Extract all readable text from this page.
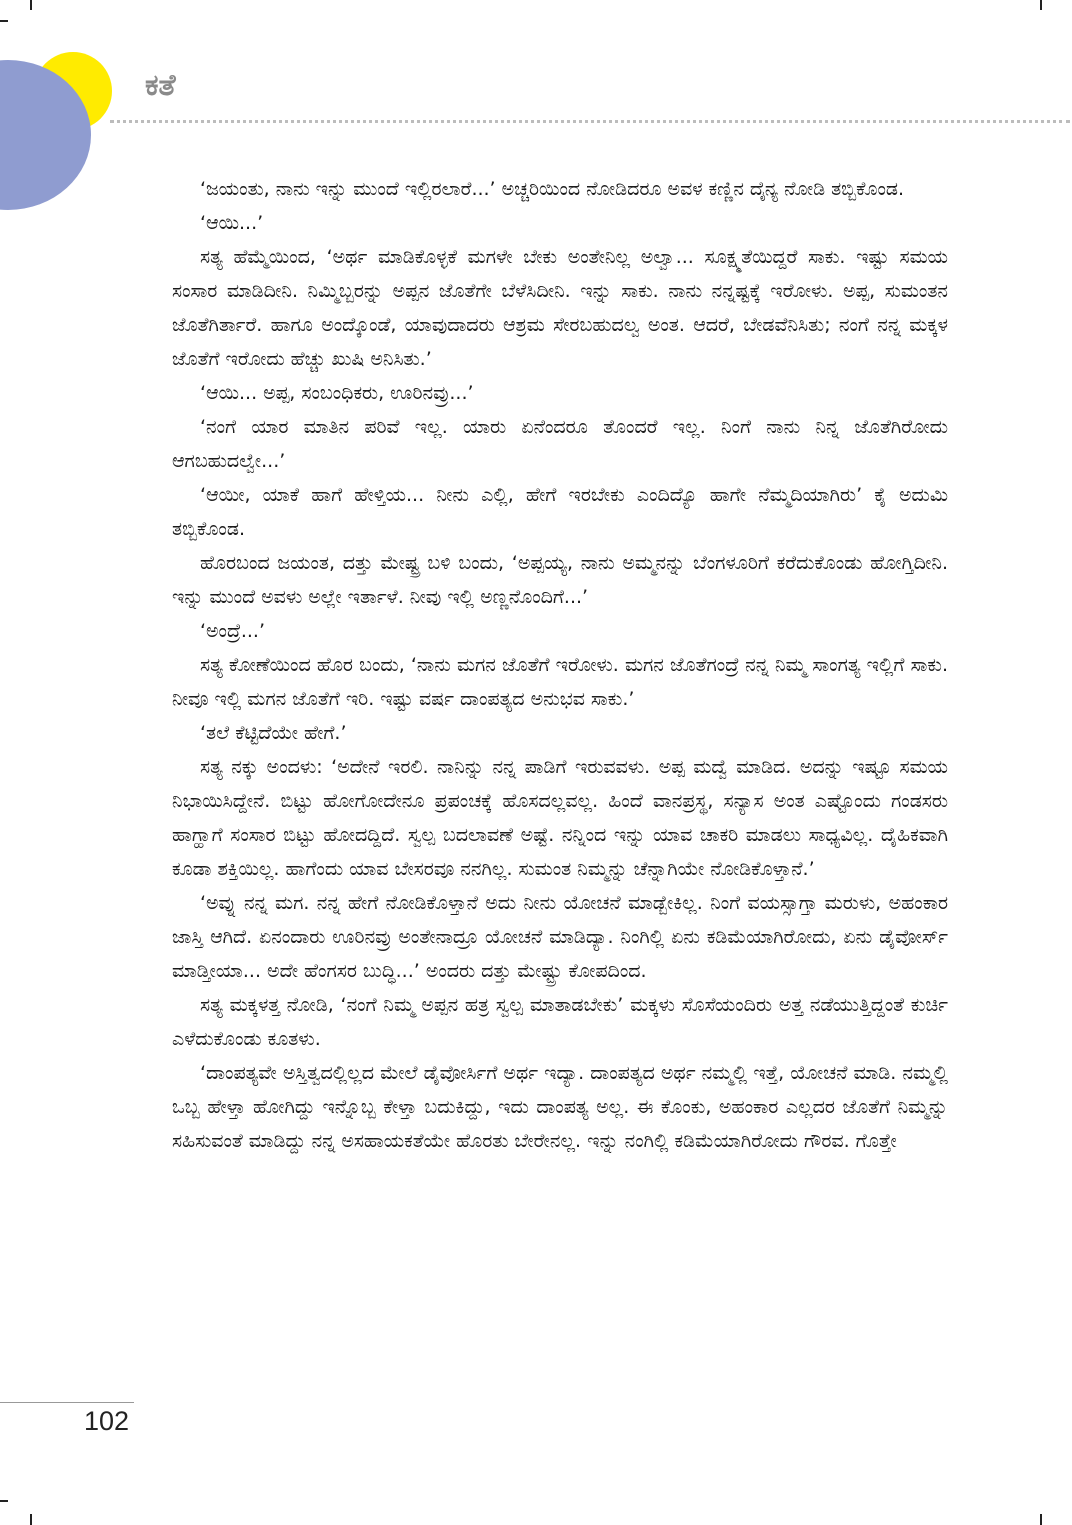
ಕತೆ

‘ಜಯಂತು, ನಾನು ಇನ್ನು ಮುಂದೆ ಇಲ್ಲಿರಲಾರೆ...’ ಅಚ್ಚರಿಯಿಂದ ನೋಡಿದರೂ ಅವಳ ಕಣ್ಣಿನ ದೈನ್ಯ ನೋಡಿ ತಬ್ಬಿಕೊಂಡ.

‘ಆಯಿ...’

ಸತ್ಯ ಹೆಮ್ಮೆಯಿಂದ, ‘ಅರ್ಥ ಮಾಡಿಕೊಳ್ಳಕೆ ಮಗಳೇ ಬೇಕು ಅಂತೇನಿಲ್ಲ ಅಲ್ವಾ... ಸೂಕ್ಷ್ಮತೆಯಿದ್ದರೆ ಸಾಕು. ಇಷ್ಟು ಸಮಯ ಸಂಸಾರ ಮಾಡಿದೀನಿ. ನಿಮ್ಮಿಬ್ಬರನ್ನು ಅಪ್ಪನ ಜೊತೆಗೇ ಬೆಳೆಸಿದೀನಿ. ಇನ್ನು ಸಾಕು. ನಾನು ನನ್ನಷ್ಟಕ್ಕೆ ಇರೋಳು. ಅಪ್ಪ, ಸುಮಂತನ ಜೊತೆಗಿರ್ತಾರೆ. ಹಾಗೂ ಅಂದ್ಕೊಂಡೆ, ಯಾವುದಾದರು ಆಶ್ರಮ ಸೇರಬಹುದಲ್ವ ಅಂತ. ಆದರೆ, ಬೇಡವೆನಿಸಿತು; ನಂಗೆ ನನ್ನ ಮಕ್ಕಳ ಜೊತೆಗೆ ಇರೋದು ಹೆಚ್ಚು ಖುಷಿ ಅನಿಸಿತು.’

‘ಆಯಿ... ಅಪ್ಪ, ಸಂಬಂಧಿಕರು, ಊರಿನವ್ರು...’

‘ನಂಗೆ ಯಾರ ಮಾತಿನ ಪರಿವೆ ಇಲ್ಲ. ಯಾರು ಏನೆಂದರೂ ತೊಂದರೆ ಇಲ್ಲ. ನಿಂಗೆ ನಾನು ನಿನ್ನ ಜೊತೆಗಿರೋದು ಆಗಬಹುದಲ್ವೇ...’

‘ಆಯೀ, ಯಾಕೆ ಹಾಗೆ ಹೇಳ್ತಿಯ... ನೀನು ಎಲ್ಲಿ, ಹೇಗೆ ಇರಬೇಕು ಎಂದಿದ್ಯೊ ಹಾಗೇ ನೆಮ್ಮದಿಯಾಗಿರು’ ಕೈ ಅದುಮಿ ತಬ್ಬಿಕೊಂಡ.

ಹೊರಬಂದ ಜಯಂತ, ದತ್ತು ಮೇಷ್ಟ್ರ ಬಳಿ ಬಂದು, ‘ಅಪ್ಪಯ್ಯ, ನಾನು ಅಮ್ಮನನ್ನು ಬೆಂಗಳೂರಿಗೆ ಕರೆದುಕೊಂಡು ಹೋಗ್ತಿದೀನಿ. ಇನ್ನು ಮುಂದೆ ಅವಳು ಅಲ್ಲೇ ಇರ್ತಾಳೆ. ನೀವು ಇಲ್ಲಿ ಅಣ್ಣನೊಂದಿಗೆ...’

‘ಅಂದ್ರೆ...’

ಸತ್ಯ ಕೋಣೆಯಿಂದ ಹೊರ ಬಂದು, ‘ನಾನು ಮಗನ ಜೊತೆಗೆ ಇರೋಳು. ಮಗನ ಜೊತೆಗಂದ್ರೆ ನನ್ನ ನಿಮ್ಮ ಸಾಂಗತ್ಯ ಇಲ್ಲಿಗೆ ಸಾಕು. ನೀವೂ ಇಲ್ಲಿ ಮಗನ ಜೊತೆಗೆ ಇರಿ. ಇಷ್ಟು ವರ್ಷ ದಾಂಪತ್ಯದ ಅನುಭವ ಸಾಕು.’

‘ತಲೆ ಕೆಟ್ಟಿದೆಯೇ ಹೇಗೆ.’

ಸತ್ಯ ನಕ್ಕು ಅಂದಳು: ‘ಅದೇನೆ ಇರಲಿ. ನಾನಿನ್ನು ನನ್ನ ಪಾಡಿಗೆ ಇರುವವಳು. ಅಪ್ಪ ಮದ್ವೆ ಮಾಡಿದ. ಅದನ್ನು ಇಷ್ಟೂ ಸಮಯ ನಿಭಾಯಿಸಿದ್ದೇನೆ. ಬಿಟ್ಟು ಹೋಗೋದೇನೂ ಪ್ರಪಂಚಕ್ಕೆ ಹೊಸದಲ್ಲವಲ್ಲ. ಹಿಂದೆ ವಾನಪ್ರಸ್ಥ, ಸನ್ಯಾಸ ಅಂತ ಎಷ್ಟೊಂದು ಗಂಡಸರು ಹಾಗ್ಹಾಗೆ ಸಂಸಾರ ಬಿಟ್ಟು ಹೋದದ್ದಿದೆ. ಸ್ವಲ್ಪ ಬದಲಾವಣೆ ಅಷ್ಟೆ. ನನ್ನಿಂದ ಇನ್ನು ಯಾವ ಚಾಕರಿ ಮಾಡಲು ಸಾಧ್ಯವಿಲ್ಲ. ದೈಹಿಕವಾಗಿ ಕೂಡಾ ಶಕ್ತಿಯಿಲ್ಲ. ಹಾಗೆಂದು ಯಾವ ಬೇಸರವೂ ನನಗಿಲ್ಲ. ಸುಮಂತ ನಿಮ್ಮನ್ನು ಚೆನ್ನಾಗಿಯೇ ನೋಡಿಕೊಳ್ತಾನೆ.’

‘ಅವ್ನು ನನ್ನ ಮಗ. ನನ್ನ ಹೇಗೆ ನೋಡಿಕೊಳ್ತಾನೆ ಅದು ನೀನು ಯೋಚನೆ ಮಾಡ್ಬೇಕಿಲ್ಲ. ನಿಂಗೆ ವಯಸ್ಸಾಗ್ತಾ ಮರುಳು, ಅಹಂಕಾರ ಜಾಸ್ತಿ ಆಗಿದೆ. ಏನಂದಾರು ಊರಿನವ್ರು ಅಂತೇನಾದ್ರೂ ಯೋಚನೆ ಮಾಡಿದ್ಯಾ. ನಿಂಗಿಲ್ಲಿ ಏನು ಕಡಿಮೆಯಾಗಿರೋದು, ಏನು ಡೈವೋರ್ಸ್ ಮಾಡ್ತೀಯಾ... ಅದೇ ಹೆಂಗಸರ ಬುದ್ಧಿ...’ ಅಂದರು ದತ್ತು ಮೇಷ್ಟ್ರು ಕೋಪದಿಂದ.

ಸತ್ಯ ಮಕ್ಕಳತ್ತ ನೋಡಿ, ‘ನಂಗೆ ನಿಮ್ಮ ಅಪ್ಪನ ಹತ್ರ ಸ್ವಲ್ಪ ಮಾತಾಡಬೇಕು’ ಮಕ್ಕಳು ಸೊಸೆಯಂದಿರು ಅತ್ತ ನಡೆಯುತ್ತಿದ್ದಂತೆ ಕುರ್ಚಿ ಎಳೆದುಕೊಂಡು ಕೂತಳು.

‘ದಾಂಪತ್ಯವೇ ಅಸ್ತಿತ್ವದಲ್ಲಿಲ್ಲದ ಮೇಲೆ ಡೈವೋರ್ಸಿಗೆ ಅರ್ಥ ಇದ್ಯಾ. ದಾಂಪತ್ಯದ ಅರ್ಥ ನಮ್ಮಲ್ಲಿ ಇತ್ತೆ, ಯೋಚನೆ ಮಾಡಿ. ನಮ್ಮಲ್ಲಿ ಒಬ್ಬ ಹೇಳ್ತಾ ಹೋಗಿದ್ದು ಇನ್ನೊಬ್ಬ ಕೇಳ್ತಾ ಬದುಕಿದ್ದು, ಇದು ದಾಂಪತ್ಯ ಅಲ್ಲ. ಈ ಕೊಂಕು, ಅಹಂಕಾರ ಎಲ್ಲದರ ಜೊತೆಗೆ ನಿಮ್ಮನ್ನು ಸಹಿಸುವಂತೆ ಮಾಡಿದ್ದು ನನ್ನ ಅಸಹಾಯಕತೆಯೇ ಹೊರತು ಬೇರೇನಲ್ಲ. ಇನ್ನು ನಂಗಿಲ್ಲಿ ಕಡಿಮೆಯಾಗಿರೋದು ಗೌರವ. ಗೊತ್ತೇ

102
